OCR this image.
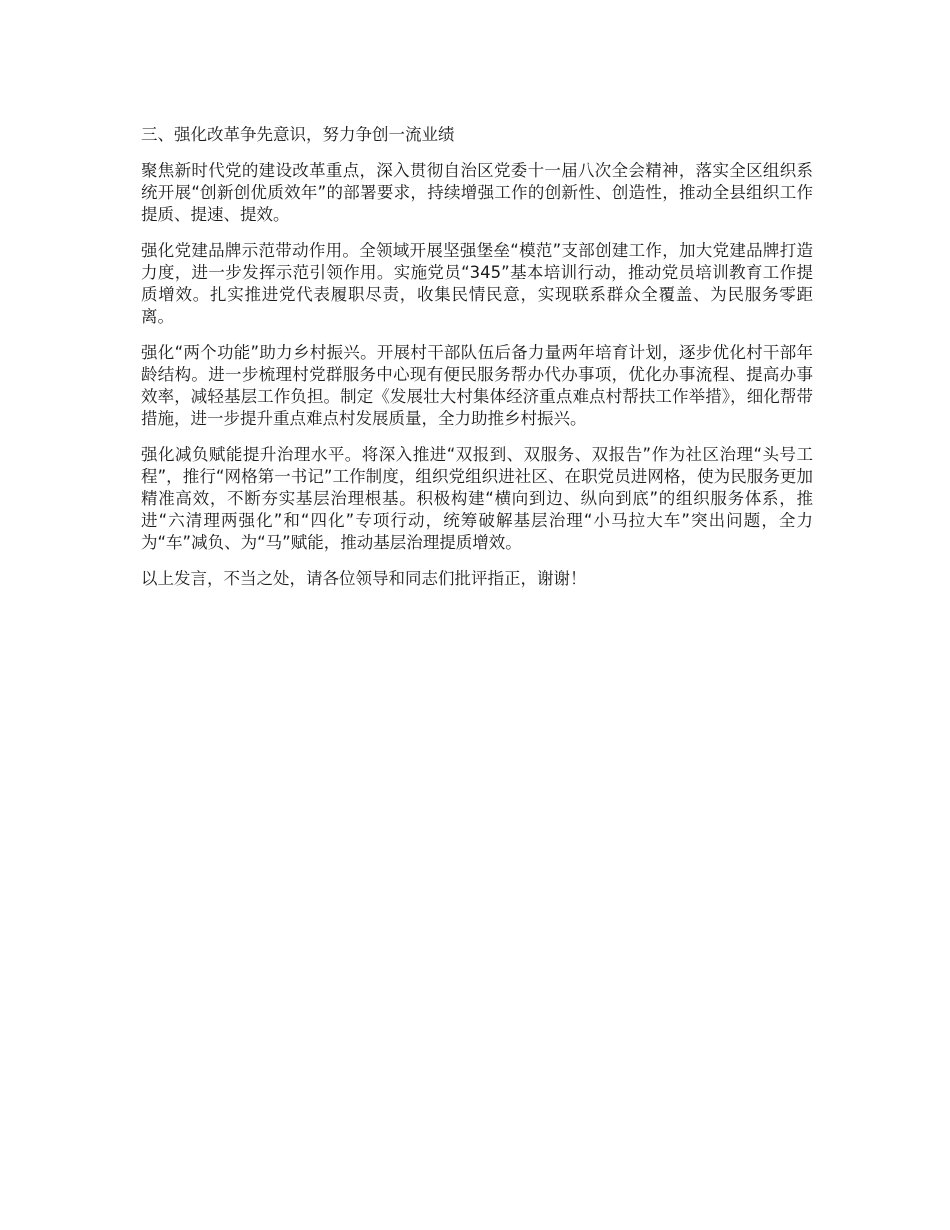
三、强化改革争先意识，努力争创一流业绩

聚焦新时代党的建设改革重点，深入贯彻自治区党委十一届八次全会精神，落实全区组织系统开展“创新创优质效年”的部署要求，持续增强工作的创新性、创造性，推动全县组织工作提质、提速、提效。

强化党建品牌示范带动作用。全领域开展坚强堡垒“模范”支部创建工作，加大党建品牌打造力度，进一步发挥示范引领作用。实施党员“345”基本培训行动，推动党员培训教育工作提质增效。扎实推进党代表履职尽责，收集民情民意，实现联系群众全覆盖、为民服务零距离。

强化“两个功能”助力乡村振兴。开展村干部队伍后备力量两年培育计划，逐步优化村干部年龄结构。进一步梳理村党群服务中心现有便民服务帮办代办事项，优化办事流程、提高办事效率，减轻基层工作负担。制定《发展壮大村集体经济重点难点村帮扶工作举措》，细化帮带措施，进一步提升重点难点村发展质量，全力助推乡村振兴。

强化减负赋能提升治理水平。将深入推进“双报到、双服务、双报告”作为社区治理“头号工程”，推行“网格第一书记”工作制度，组织党组织进社区、在职党员进网格，使为民服务更加精准高效，不断夯实基层治理根基。积极构建“横向到边、纵向到底”的组织服务体系，推进“六清理两强化”和“四化”专项行动，统筹破解基层治理“小马拉大车”突出问题，全力为“车”减负、为“马”赋能，推动基层治理提质增效。

以上发言，不当之处，请各位领导和同志们批评指正，谢谢！
